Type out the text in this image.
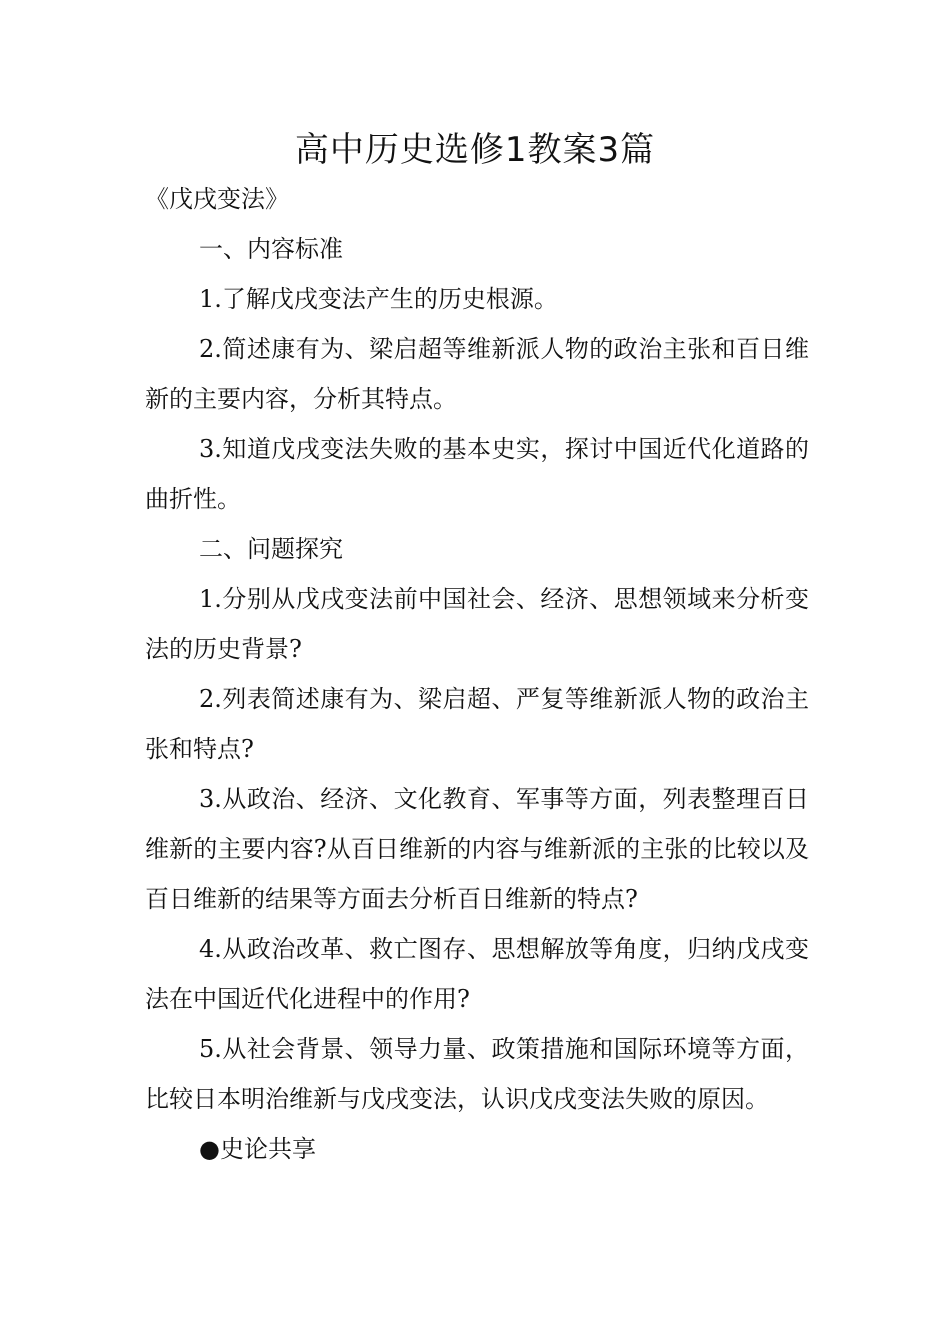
高中历史选修1教案3篇

《戊戌变法》

一、内容标准

1.了解戊戌变法产生的历史根源。

2.简述康有为、梁启超等维新派人物的政治主张和百日维新的主要内容，分析其特点。

3.知道戊戌变法失败的基本史实，探讨中国近代化道路的曲折性。

二、问题探究

1.分别从戊戌变法前中国社会、经济、思想领域来分析变法的历史背景?

2.列表简述康有为、梁启超、严复等维新派人物的政治主张和特点?

3.从政治、经济、文化教育、军事等方面，列表整理百日维新的主要内容?从百日维新的内容与维新派的主张的比较以及百日维新的结果等方面去分析百日维新的特点?

4.从政治改革、救亡图存、思想解放等角度，归纳戊戌变法在中国近代化进程中的作用?

5.从社会背景、领导力量、政策措施和国际环境等方面，比较日本明治维新与戊戌变法，认识戊戌变法失败的原因。

●史论共享
